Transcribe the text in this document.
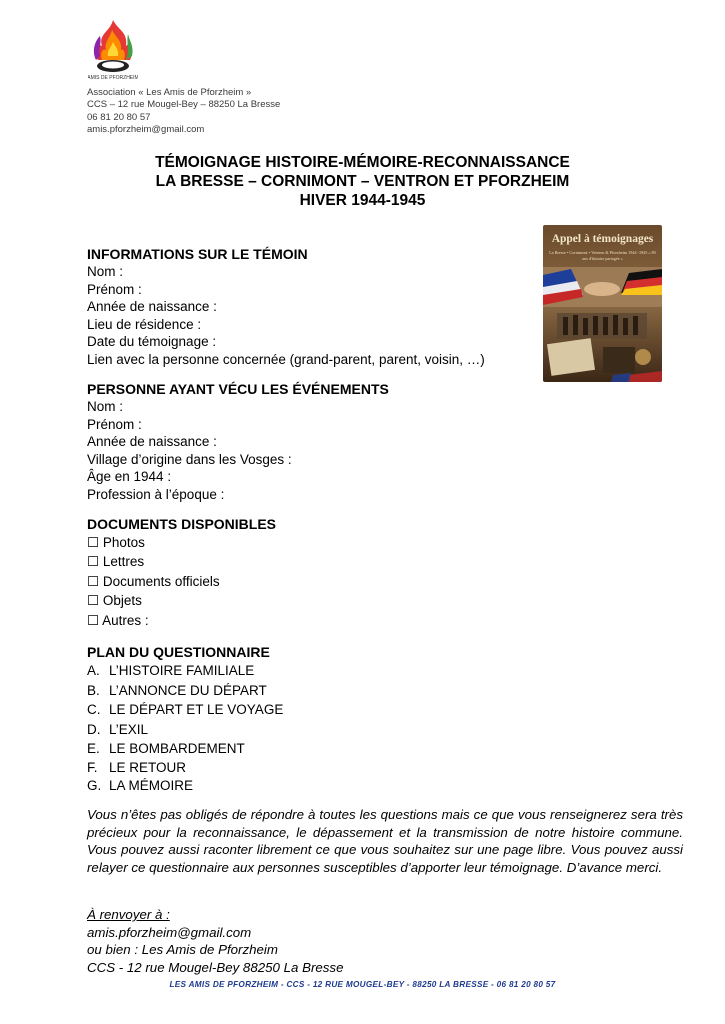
AMIS DE PFORZHEIM
Association « Les Amis de Pforzheim »
CCS – 12 rue Mougel-Bey – 88250 La Bresse
06 81 20 80 57
amis.pforzheim@gmail.com
TÉMOIGNAGE HISTOIRE-MÉMOIRE-RECONNAISSANCE
LA BRESSE – CORNIMONT – VENTRON ET PFORZHEIM
HIVER 1944-1945
Appel à témoignages
La Bresse • Cornimont • Ventron & Pforzheim 1944 -1945 « 80 ans d'histoire partagée »
INFORMATIONS SUR LE TÉMOIN
Nom :
Prénom :
Année de naissance :
Lieu de résidence :
Date du témoignage :
Lien avec la personne concernée (grand-parent, parent, voisin, …)
PERSONNE AYANT VÉCU LES ÉVÉNEMENTS
Nom :
Prénom :
Année de naissance :
Village d’origine dans les Vosges :
Âge en 1944 :
Profession à l’époque :
DOCUMENTS DISPONIBLES
☐ Photos
☐ Lettres
☐ Documents officiels
☐ Objets
☐ Autres :
PLAN DU QUESTIONNAIRE
A. L’HISTOIRE FAMILIALE
B. L’ANNONCE DU DÉPART
C. LE DÉPART ET LE VOYAGE
D. L’EXIL
E. LE BOMBARDEMENT
F. LE RETOUR
G. LA MÉMOIRE
Vous n’êtes pas obligés de répondre à toutes les questions mais ce que vous renseignerez sera très précieux pour la reconnaissance, le dépassement et la transmission de notre histoire commune. Vous pouvez aussi raconter librement ce que vous souhaitez sur une page libre. Vous pouvez aussi relayer ce questionnaire aux personnes susceptibles d’apporter leur témoignage. D’avance merci.
À renvoyer à :
amis.pforzheim@gmail.com
ou bien : Les Amis de Pforzheim
CCS - 12 rue Mougel-Bey 88250 La Bresse
LES AMIS DE PFORZHEIM - CCS - 12 RUE MOUGEL-BEY - 88250 LA BRESSE - 06 81 20 80 57
